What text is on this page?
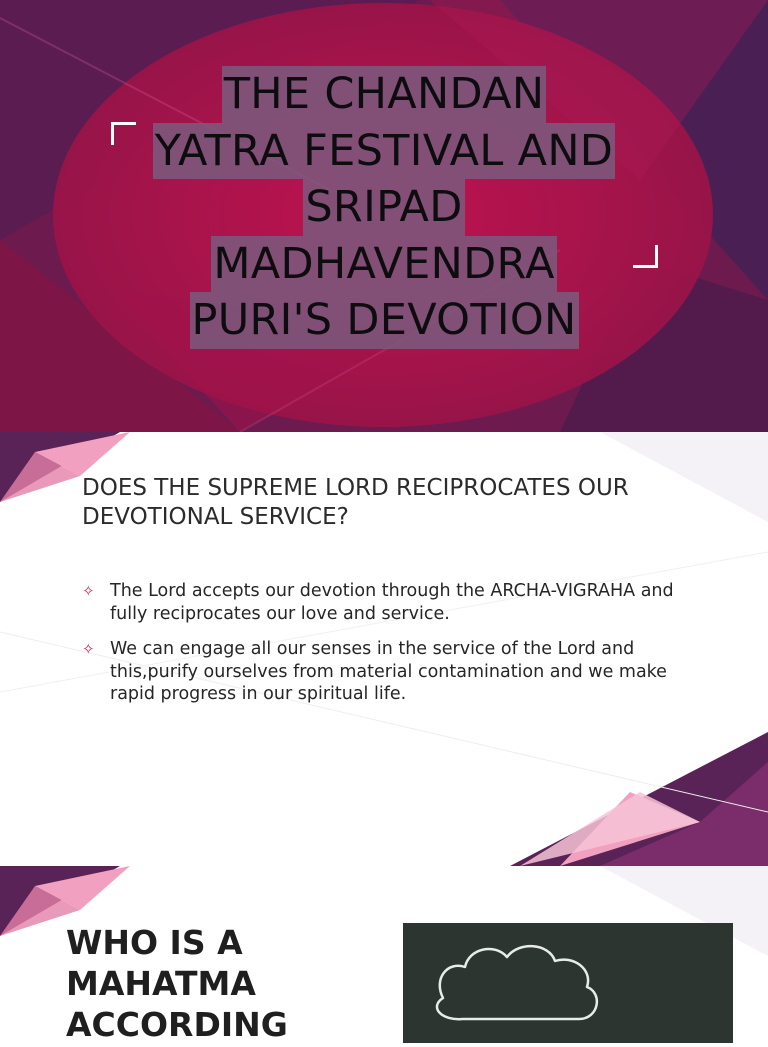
THE CHANDAN
YATRA FESTIVAL AND
SRIPAD
MADHAVENDRA
PURI'S DEVOTION
DOES THE SUPREME LORD RECIPROCATES OUR DEVOTIONAL SERVICE?
✧ The Lord accepts our devotion through the ARCHA-VIGRAHA and fully reciprocates our love and service.
✧ We can engage all our senses in the service of the Lord and this,purify ourselves from material contamination and we make rapid progress in our spiritual life.
WHO IS A
MAHATMA
ACCORDING
